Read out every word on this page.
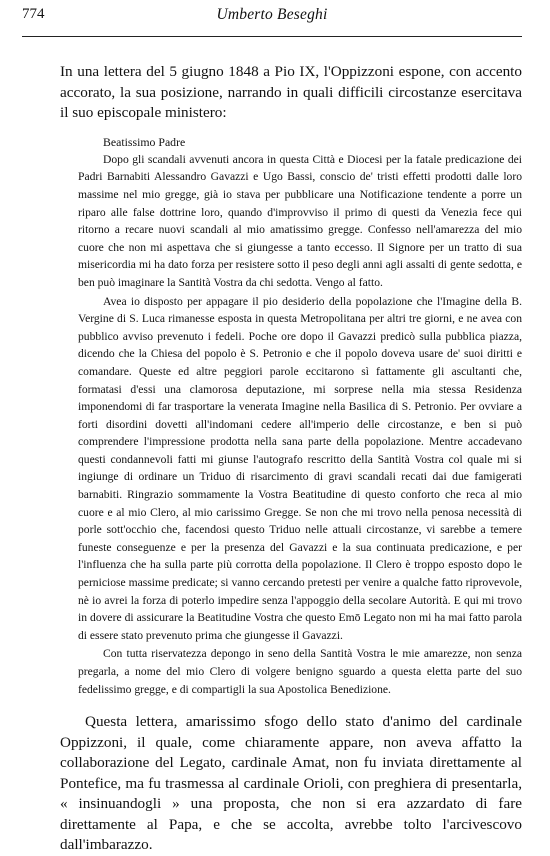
774	Umberto Beseghi

In una lettera del 5 giugno 1848 a Pio IX, l'Oppizzoni espone, con accento accorato, la sua posizione, narrando in quali difficili circostanze esercitava il suo episcopale ministero:

Beatissimo Padre

Dopo gli scandali avvenuti ancora in questa Città e Diocesi per la fatale predicazione dei Padri Barnabiti Alessandro Gavazzi e Ugo Bassi, conscio de' tristi effetti prodotti dalle loro massime nel mio gregge, già io stava per pubblicare una Notificazione tendente a porre un riparo alle false dottrine loro, quando d'improvviso il primo di questi da Venezia fece qui ritorno a recare nuovi scandali al mio amatissimo gregge. Confesso nell'amarezza del mio cuore che non mi aspettava che si giungesse a tanto eccesso. Il Signore per un tratto di sua misericordia mi ha dato forza per resistere sotto il peso degli anni agli assalti di gente sedotta, e ben può imaginare la Santità Vostra da chi sedotta. Vengo al fatto.

Avea io disposto per appagare il pio desiderio della popolazione che l'Imagine della B. Vergine di S. Luca rimanesse esposta in questa Metropolitana per altri tre giorni, e ne avea con pubblico avviso prevenuto i fedeli. Poche ore dopo il Gavazzi predicò sulla pubblica piazza, dicendo che la Chiesa del popolo è S. Petronio e che il popolo doveva usare de' suoi diritti e comandare. Queste ed altre peggiori parole eccitarono sì fattamente gli ascultanti che, formatasi d'essi una clamorosa deputazione, mi sorprese nella mia stessa Residenza imponendomi di far trasportare la venerata Imagine nella Basilica di S. Petronio. Per ovviare a forti disordini dovetti all'indomani cedere all'imperio delle circostanze, e ben si può comprendere l'impressione prodotta nella sana parte della popolazione. Mentre accadevano questi condannevoli fatti mi giunse l'autografo rescritto della Santità Vostra col quale mi si ingiunge di ordinare un Triduo di risarcimento di gravi scandali recati dai due famigerati barnabiti. Ringrazio sommamente la Vostra Beatitudine di questo conforto che reca al mio cuore e al mio Clero, al mio carissimo Gregge. Se non che mi trovo nella penosa necessità di porle sott'occhio che, facendosi questo Triduo nelle attuali circostanze, vi sarebbe a temere funeste conseguenze e per la presenza del Gavazzi e la sua continuata predicazione, e per l'influenza che ha sulla parte più corrotta della popolazione. Il Clero è troppo esposto dopo le perniciose massime predicate; si vanno cercando pretesti per venire a qualche fatto riprovevole, nè io avrei la forza di poterlo impedire senza l'appoggio della secolare Autorità. E qui mi trovo in dovere di assicurare la Beatitudine Vostra che questo Emō Legato non mi ha mai fatto parola di essere stato prevenuto prima che giungesse il Gavazzi.

Con tutta riservatezza depongo in seno della Santità Vostra le mie amarezze, non senza pregarla, a nome del mio Clero di volgere benigno sguardo a questa eletta parte del suo fedelissimo gregge, e di compartigli la sua Apostolica Benedizione.

Questa lettera, amarissimo sfogo dello stato d'animo del cardinale Oppizzoni, il quale, come chiaramente appare, non aveva affatto la collaborazione del Legato, cardinale Amat, non fu inviata direttamente al Pontefice, ma fu trasmessa al cardinale Orioli, con preghiera di presentarla, « insinuandogli » una proposta, che non si era azzardato di fare direttamente al Papa, e che se accolta, avrebbe tolto l'arcivescovo dall'imbarazzo.
